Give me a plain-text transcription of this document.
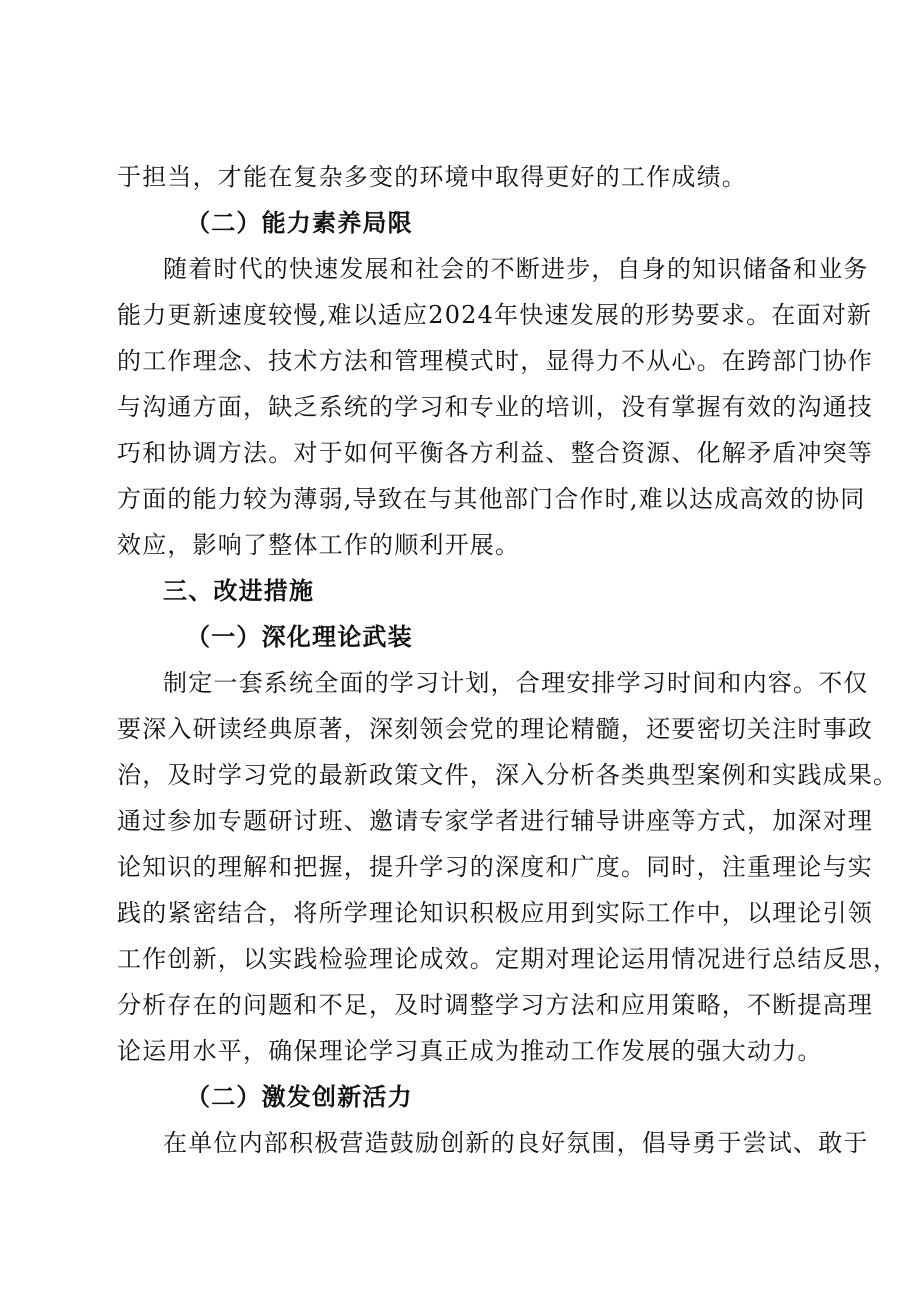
于担当，才能在复杂多变的环境中取得更好的工作成绩。
（二）能力素养局限
随着时代的快速发展和社会的不断进步，自身的知识储备和业务
能力更新速度较慢,难以适应2024年快速发展的形势要求。在面对新
的工作理念、技术方法和管理模式时，显得力不从心。在跨部门协作
与沟通方面，缺乏系统的学习和专业的培训，没有掌握有效的沟通技
巧和协调方法。对于如何平衡各方利益、整合资源、化解矛盾冲突等
方面的能力较为薄弱,导致在与其他部门合作时,难以达成高效的协同
效应，影响了整体工作的顺利开展。
三、改进措施
（一）深化理论武装
制定一套系统全面的学习计划，合理安排学习时间和内容。不仅
要深入研读经典原著，深刻领会党的理论精髓，还要密切关注时事政
治，及时学习党的最新政策文件，深入分析各类典型案例和实践成果。
通过参加专题研讨班、邀请专家学者进行辅导讲座等方式，加深对理
论知识的理解和把握，提升学习的深度和广度。同时，注重理论与实
践的紧密结合，将所学理论知识积极应用到实际工作中，以理论引领
工作创新，以实践检验理论成效。定期对理论运用情况进行总结反思，
分析存在的问题和不足，及时调整学习方法和应用策略，不断提高理
论运用水平，确保理论学习真正成为推动工作发展的强大动力。
（二）激发创新活力
在单位内部积极营造鼓励创新的良好氛围，倡导勇于尝试、敢于
